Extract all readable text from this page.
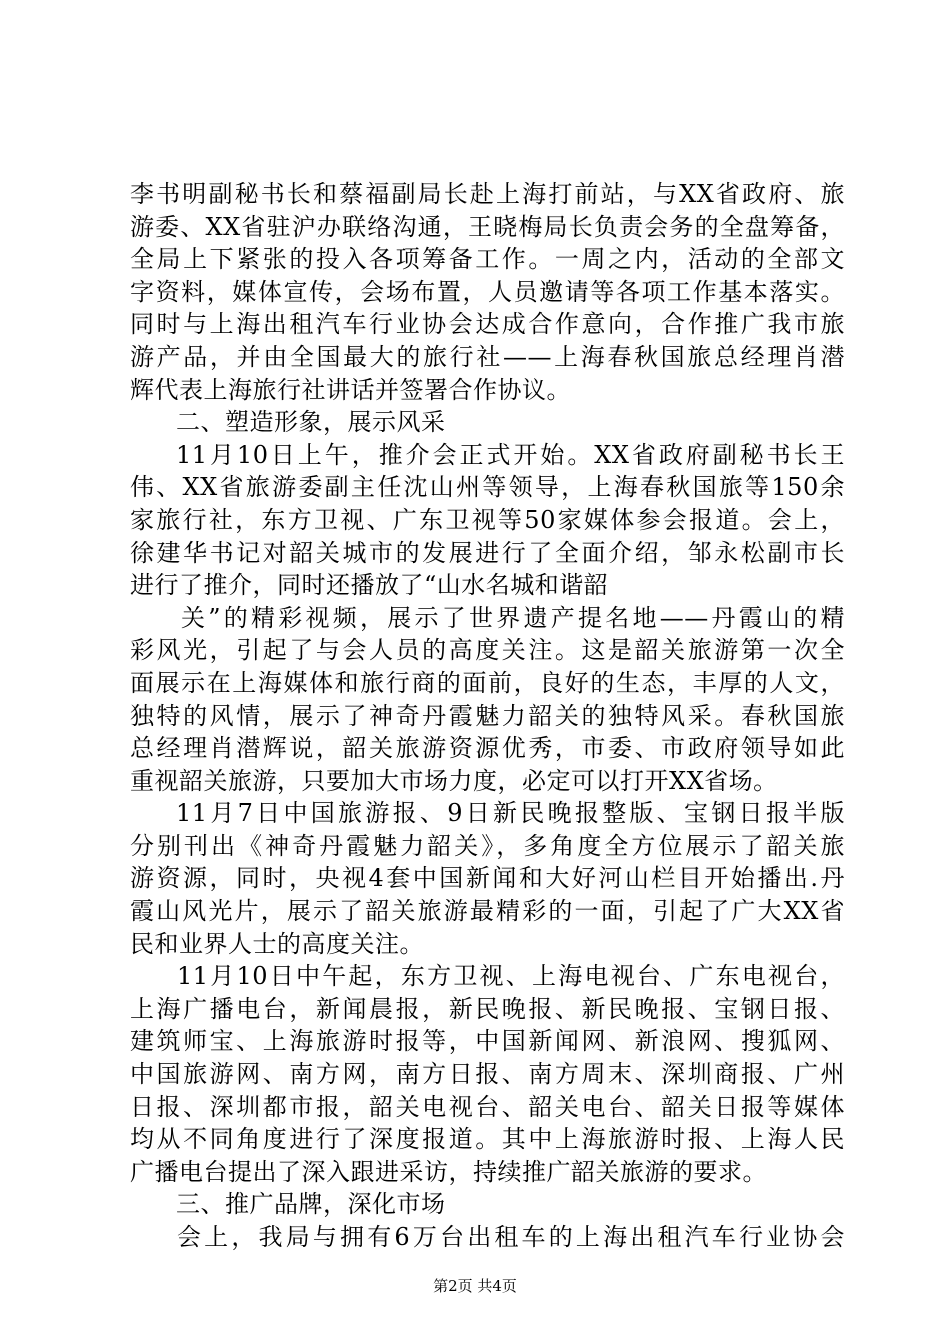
李书明副秘书长和蔡福副局长赴上海打前站，与XX省政府、旅
游委、XX省驻沪办联络沟通，王晓梅局长负责会务的全盘筹备，
全局上下紧张的投入各项筹备工作。一周之内，活动的全部文
字资料，媒体宣传，会场布置，人员邀请等各项工作基本落实。
同时与上海出租汽车行业协会达成合作意向，合作推广我市旅
游产品，并由全国最大的旅行社——上海春秋国旅总经理肖潜
辉代表上海旅行社讲话并签署合作协议。
二、塑造形象，展示风采
11月10日上午，推介会正式开始。XX省政府副秘书长王
伟、XX省旅游委副主任沈山州等领导，上海春秋国旅等150余
家旅行社，东方卫视、广东卫视等50家媒体参会报道。会上，
徐建华书记对韶关城市的发展进行了全面介绍，邹永松副市长
进行了推介，同时还播放了“山水名城和谐韶
关”的精彩视频，展示了世界遗产提名地——丹霞山的精
彩风光，引起了与会人员的高度关注。这是韶关旅游第一次全
面展示在上海媒体和旅行商的面前，良好的生态，丰厚的人文，
独特的风情，展示了神奇丹霞魅力韶关的独特风采。春秋国旅
总经理肖潜辉说，韶关旅游资源优秀，市委、市政府领导如此
重视韶关旅游，只要加大市场力度，必定可以打开XX省场。
11月7日中国旅游报、9日新民晚报整版、宝钢日报半版
分别刊出《神奇丹霞魅力韶关》，多角度全方位展示了韶关旅
游资源，同时，央视4套中国新闻和大好河山栏目开始播出.丹
霞山风光片，展示了韶关旅游最精彩的一面，引起了广大XX省
民和业界人士的高度关注。
11月10日中午起，东方卫视、上海电视台、广东电视台，
上海广播电台，新闻晨报，新民晚报、新民晚报、宝钢日报、
建筑师宝、上海旅游时报等，中国新闻网、新浪网、搜狐网、
中国旅游网、南方网，南方日报、南方周末、深圳商报、广州
日报、深圳都市报，韶关电视台、韶关电台、韶关日报等媒体
均从不同角度进行了深度报道。其中上海旅游时报、上海人民
广播电台提出了深入跟进采访，持续推广韶关旅游的要求。
三、推广品牌，深化市场
会上，我局与拥有6万台出租车的上海出租汽车行业协会
第2页 共4页
